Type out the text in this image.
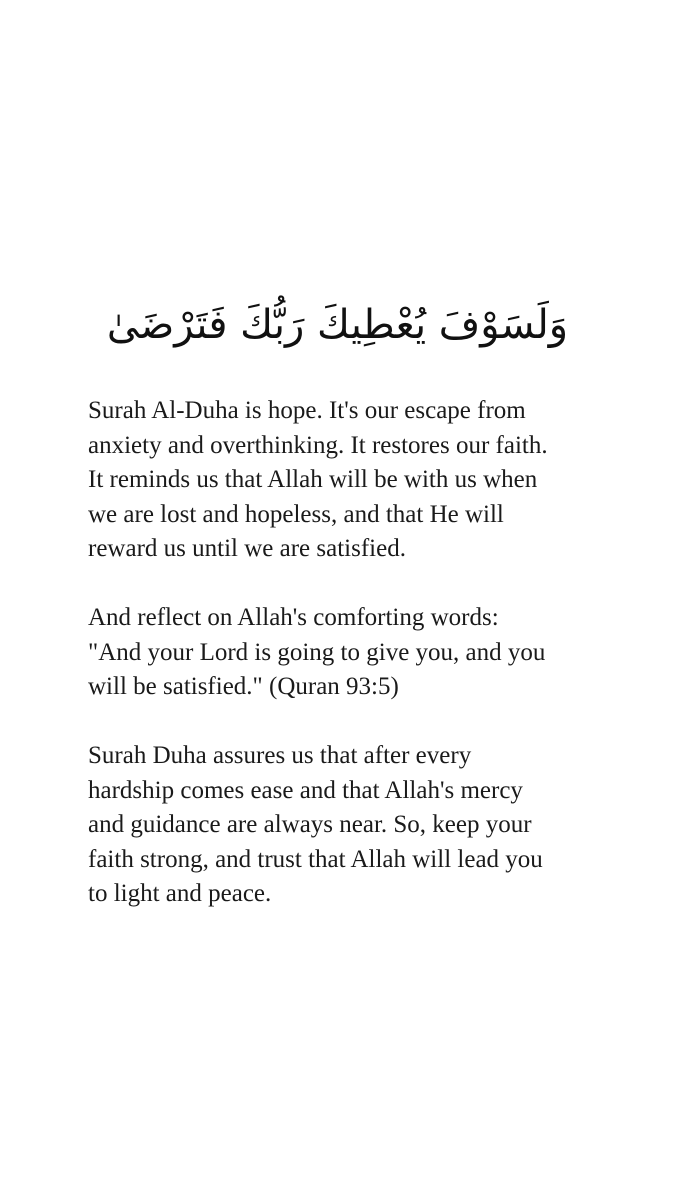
وَلَسَوْفَ يُعْطِيكَ رَبُّكَ فَتَرْضَىٰ

Surah Al-Duha is hope. It's our escape from
anxiety and overthinking. It restores our faith.
It reminds us that Allah will be with us when
we are lost and hopeless, and that He will
reward us until we are satisfied.

And reflect on Allah's comforting words:
"And your Lord is going to give you, and you
will be satisfied." (Quran 93:5)

Surah Duha assures us that after every
hardship comes ease and that Allah's mercy
and guidance are always near. So, keep your
faith strong, and trust that Allah will lead you
to light and peace.
